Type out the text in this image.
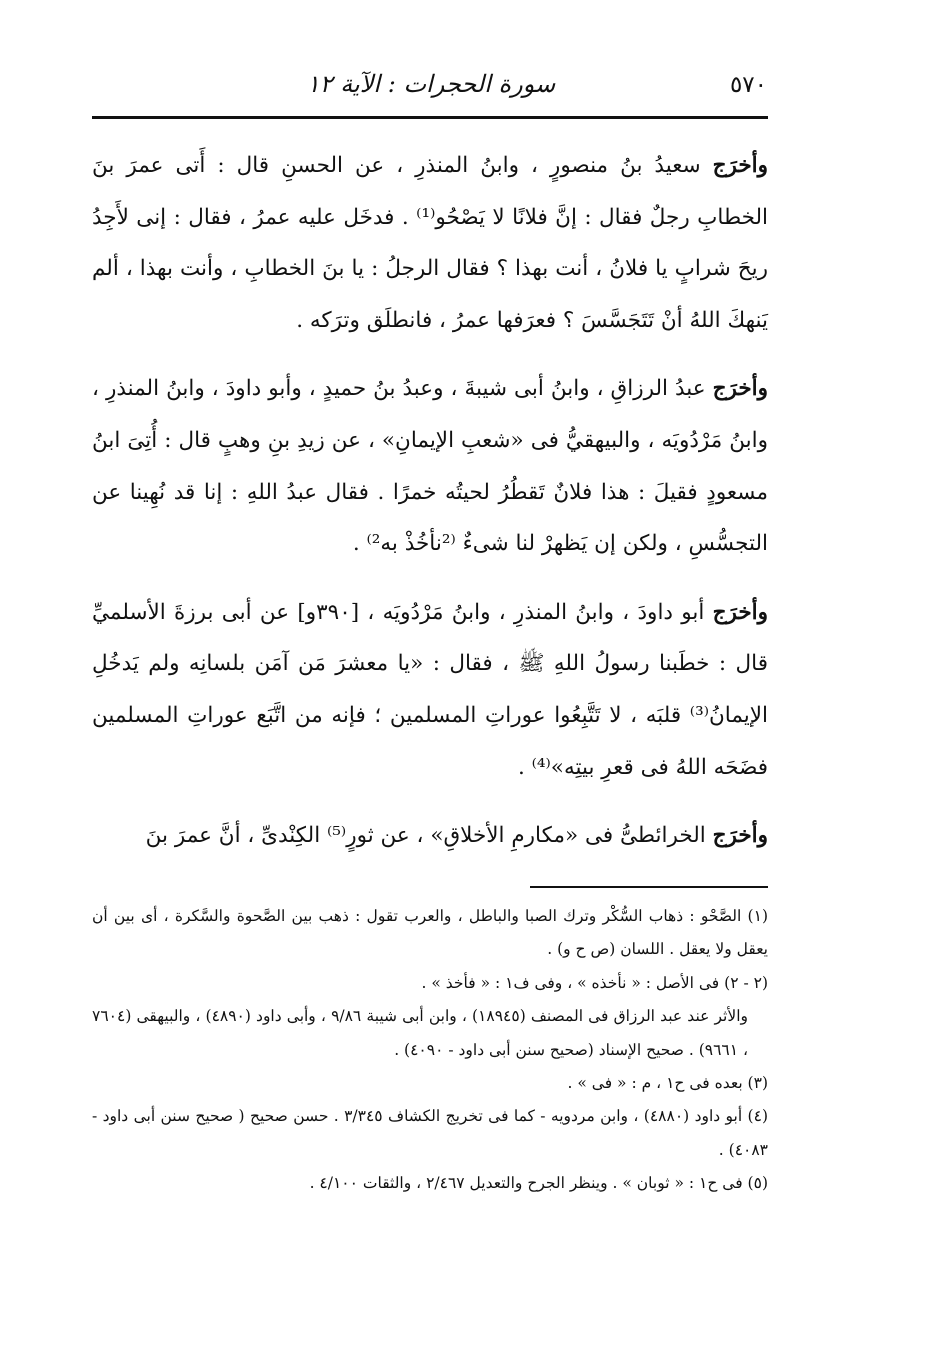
٥٧٠
سورة الحجرات : الآية ١٢

وأخرَج سعيدُ بنُ منصورٍ ، وابنُ المنذرِ ، عن الحسنِ قال : أَتى عمرَ بنَ الخطابِ رجلٌ فقال : إنَّ فلانًا لا يَصْحُو⁽¹⁾ . فدخَل عليه عمرُ ، فقال : إنى لأَجِدُ ريحَ شرابٍ يا فلانُ ، أنت بهذا ؟ فقال الرجلُ : يا بنَ الخطابِ ، وأنت بهذا ، ألم يَنهكَ اللهُ أنْ تَتَجَسَّسَ ؟ فعرَفها عمرُ ، فانطلَق وترَكه .

وأخرَج عبدُ الرزاقِ ، وابنُ أبى شيبةَ ، وعبدُ بنُ حميدٍ ، وأبو داودَ ، وابنُ المنذرِ ، وابنُ مَرْدُويَه ، والبيهقيُّ فى «شعبِ الإيمانِ» ، عن زيدِ بنِ وهبٍ قال : أُتِىَ ابنُ مسعودٍ فقيلَ : هذا فلانٌ تَقطُرُ لحيتُه خمرًا . فقال عبدُ اللهِ : إنا قد نُهِينا عن التجسُّسِ ، ولكن إن يَظهرْ لنا شىءٌ ⁽²نأخُذْ به²⁾ .

وأخرَج أبو داودَ ، وابنُ المنذرِ ، وابنُ مَرْدُويَه ، [٣٩٠و] عن أبى برزةَ الأسلميِّ قال : خطَبنا رسولُ اللهِ ﷺ ، فقال : «يا معشرَ مَن آمَن بلسانِه ولم يَدخُلِ الإيمانُ⁽³⁾ قلبَه ، لا تَتَّبِعُوا عوراتِ المسلمين ؛ فإنه من اتَّبَع عوراتِ المسلمين فضَحَه اللهُ فى قعرِ بيتِه»⁽⁴⁾ .

وأخرَج الخرائطىُّ فى «مكارمِ الأخلاقِ» ، عن ثورٍ⁽⁵⁾ الكِنْدىِّ ، أنَّ عمرَ بنَ

(١) الصَّحْو : ذهاب السُّكْر وترك الصبا والباطل ، والعرب تقول : ذهب بين الصَّحوة والسَّكرة ، أى بين أن يعقل ولا يعقل . اللسان (ص ح و) .

(٢ - ٢) فى الأصل : « نأخذه » ، وفى ف١ : « فأخذ » .

والأثر عند عبد الرزاق فى المصنف (١٨٩٤٥) ، وابن أبى شيبة ٩/٨٦ ، وأبى داود (٤٨٩٠) ، والبيهقى (٧٦٠٤ ، ٩٦٦١) . صحيح الإسناد (صحيح سنن أبى داود - ٤٠٩٠) .

(٣) بعده فى ح١ ، م : « فى » .

(٤) أبو داود (٤٨٨٠) ، وابن مردويه - كما فى تخريج الكشاف ٣/٣٤٥ . حسن صحيح ( صحيح سنن أبى داود - ٤٠٨٣) .

(٥) فى ح١ : « ثوبان » . وينظر الجرح والتعديل ٢/٤٦٧ ، والثقات ٤/١٠٠ .
